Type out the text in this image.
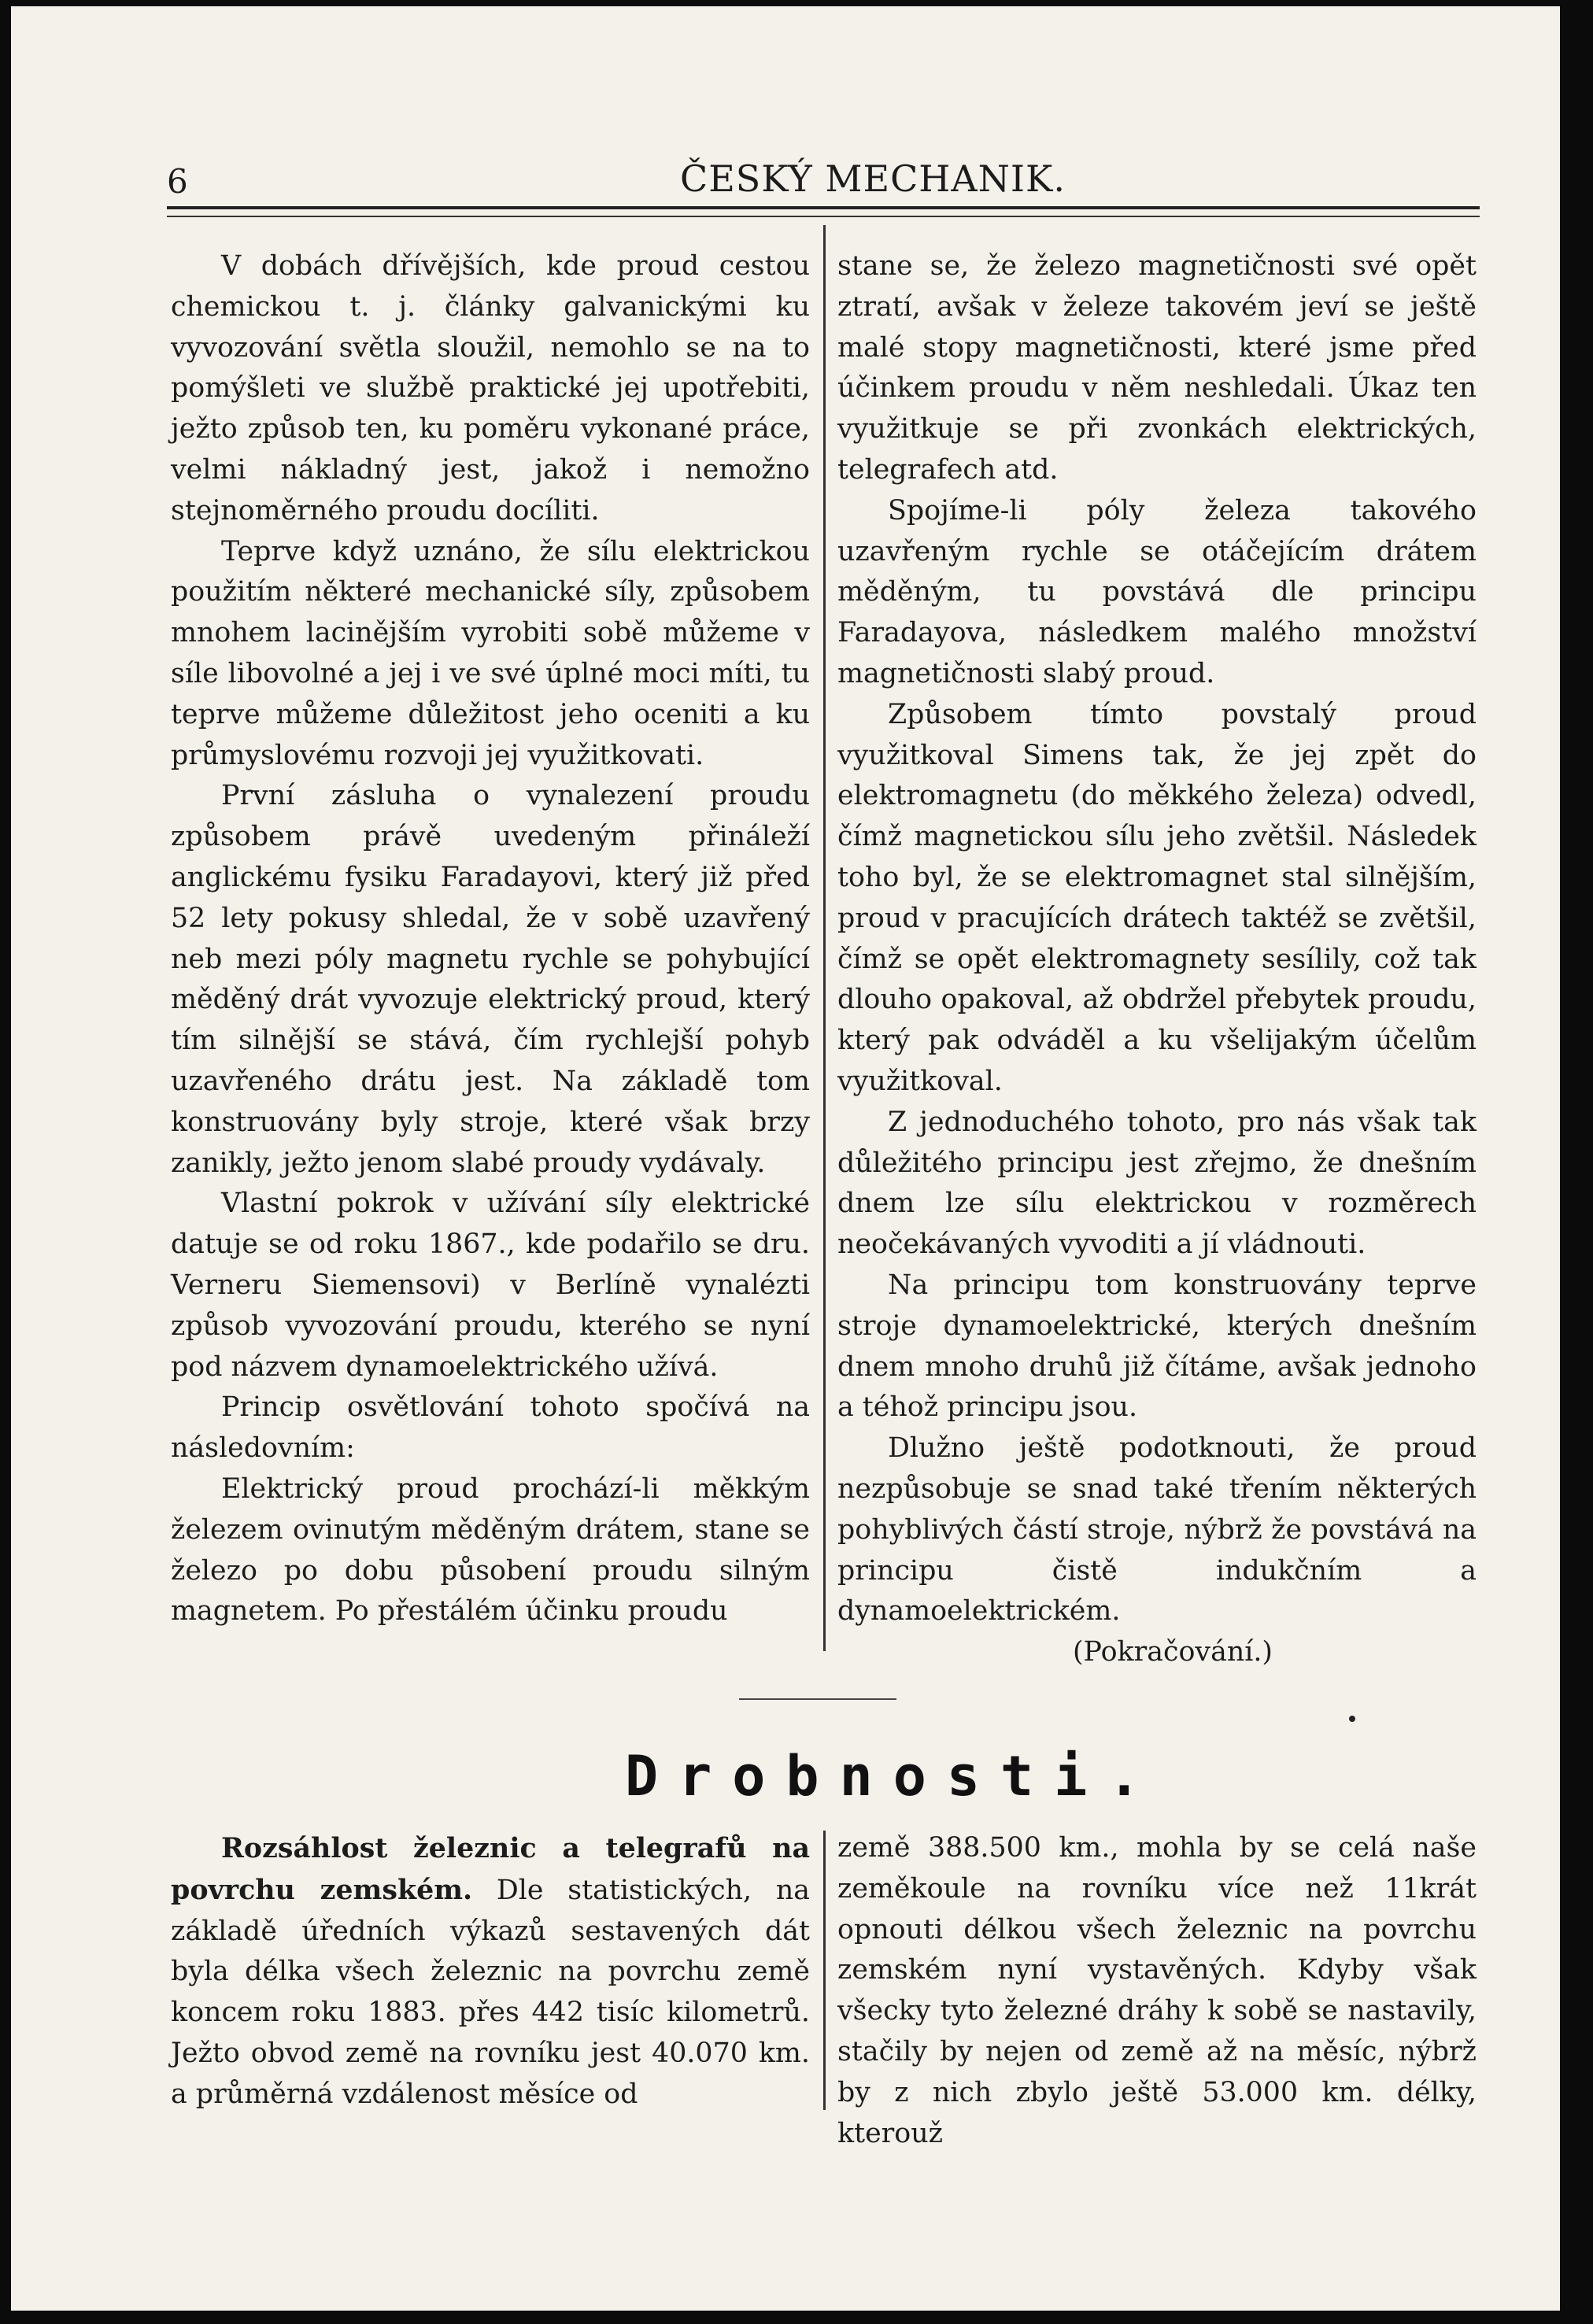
6	ČESKÝ MECHANIK.

V dobách dřívějších, kde proud cestou chemickou t. j. články galvanickými ku vyvozování světla sloužil, nemohlo se na to pomýšleti ve službě praktické jej upotřebiti, ježto způsob ten, ku poměru vykonané práce, velmi nákladný jest, jakož i nemožno stejnoměrného proudu docíliti.

Teprve když uznáno, že sílu elektrickou použitím některé mechanické síly, způsobem mnohem lacinějším vyrobiti sobě můžeme v síle libovolné a jej i ve své úplné moci míti, tu teprve můžeme důležitost jeho oceniti a ku průmyslovému rozvoji jej využitkovati.

První zásluha o vynalezení proudu způsobem právě uvedeným přináleží anglickému fysiku Faradayovi, který již před 52 lety pokusy shledal, že v sobě uzavřený neb mezi póly magnetu rychle se pohybující měděný drát vyvozuje elektrický proud, který tím silnější se stává, čím rychlejší pohyb uzavřeného drátu jest. Na základě tom konstruovány byly stroje, které však brzy zanikly, ježto jenom slabé proudy vydávaly.

Vlastní pokrok v užívání síly elektrické datuje se od roku 1867., kde podařilo se dru. Verneru Siemensovi) v Berlíně vynalézti způsob vyvozování proudu, kterého se nyní pod názvem dynamoelektrického užívá.

Princip osvětlování tohoto spočívá na následovním:

Elektrický proud prochází-li měkkým železem ovinutým měděným drátem, stane se železo po dobu působení proudu silným magnetem. Po přestálém účinku proudu

stane se, že železo magnetičnosti své opět ztratí, avšak v železe takovém jeví se ještě malé stopy magnetičnosti, které jsme před účinkem proudu v něm neshledali. Úkaz ten využitkuje se při zvonkách elektrických, telegrafech atd.

Spojíme-li póly železa takového uzavřeným rychle se otáčejícím drátem měděným, tu povstává dle principu Faradayova, následkem malého množství magnetičnosti slabý proud.

Způsobem tímto povstalý proud využitkoval Simens tak, že jej zpět do elektromagnetu (do měkkého železa) odvedl, čímž magnetickou sílu jeho zvětšil. Následek toho byl, že se elektromagnet stal silnějším, proud v pracujících drátech taktéž se zvětšil, čímž se opět elektromagnety sesílily, což tak dlouho opakoval, až obdržel přebytek proudu, který pak odváděl a ku všelijakým účelům využitkoval.

Z jednoduchého tohoto, pro nás však tak důležitého principu jest zřejmo, že dnešním dnem lze sílu elektrickou v rozměrech neočekávaných vyvoditi a jí vládnouti.

Na principu tom konstruovány teprve stroje dynamoelektrické, kterých dnešním dnem mnoho druhů již čítáme, avšak jednoho a téhož principu jsou.

Dlužno ještě podotknouti, že proud nezpůsobuje se snad také třením některých pohyblivých částí stroje, nýbrž že povstává na principu čistě indukčním a dynamoelektrickém.

(Pokračování.)

Drobnosti.

Rozsáhlost železnic a telegrafů na povrchu zemském. Dle statistických, na základě úředních výkazů sestavených dát byla délka všech železnic na povrchu země koncem roku 1883. přes 442 tisíc kilometrů. Ježto obvod země na rovníku jest 40.070 km. a průměrná vzdálenost měsíce od

země 388.500 km., mohla by se celá naše zeměkoule na rovníku více než 11krát opnouti délkou všech železnic na povrchu zemském nyní vystavěných. Kdyby však všecky tyto železné dráhy k sobě se nastavily, stačily by nejen od země až na měsíc, nýbrž by z nich zbylo ještě 53.000 km. délky, kterouž
